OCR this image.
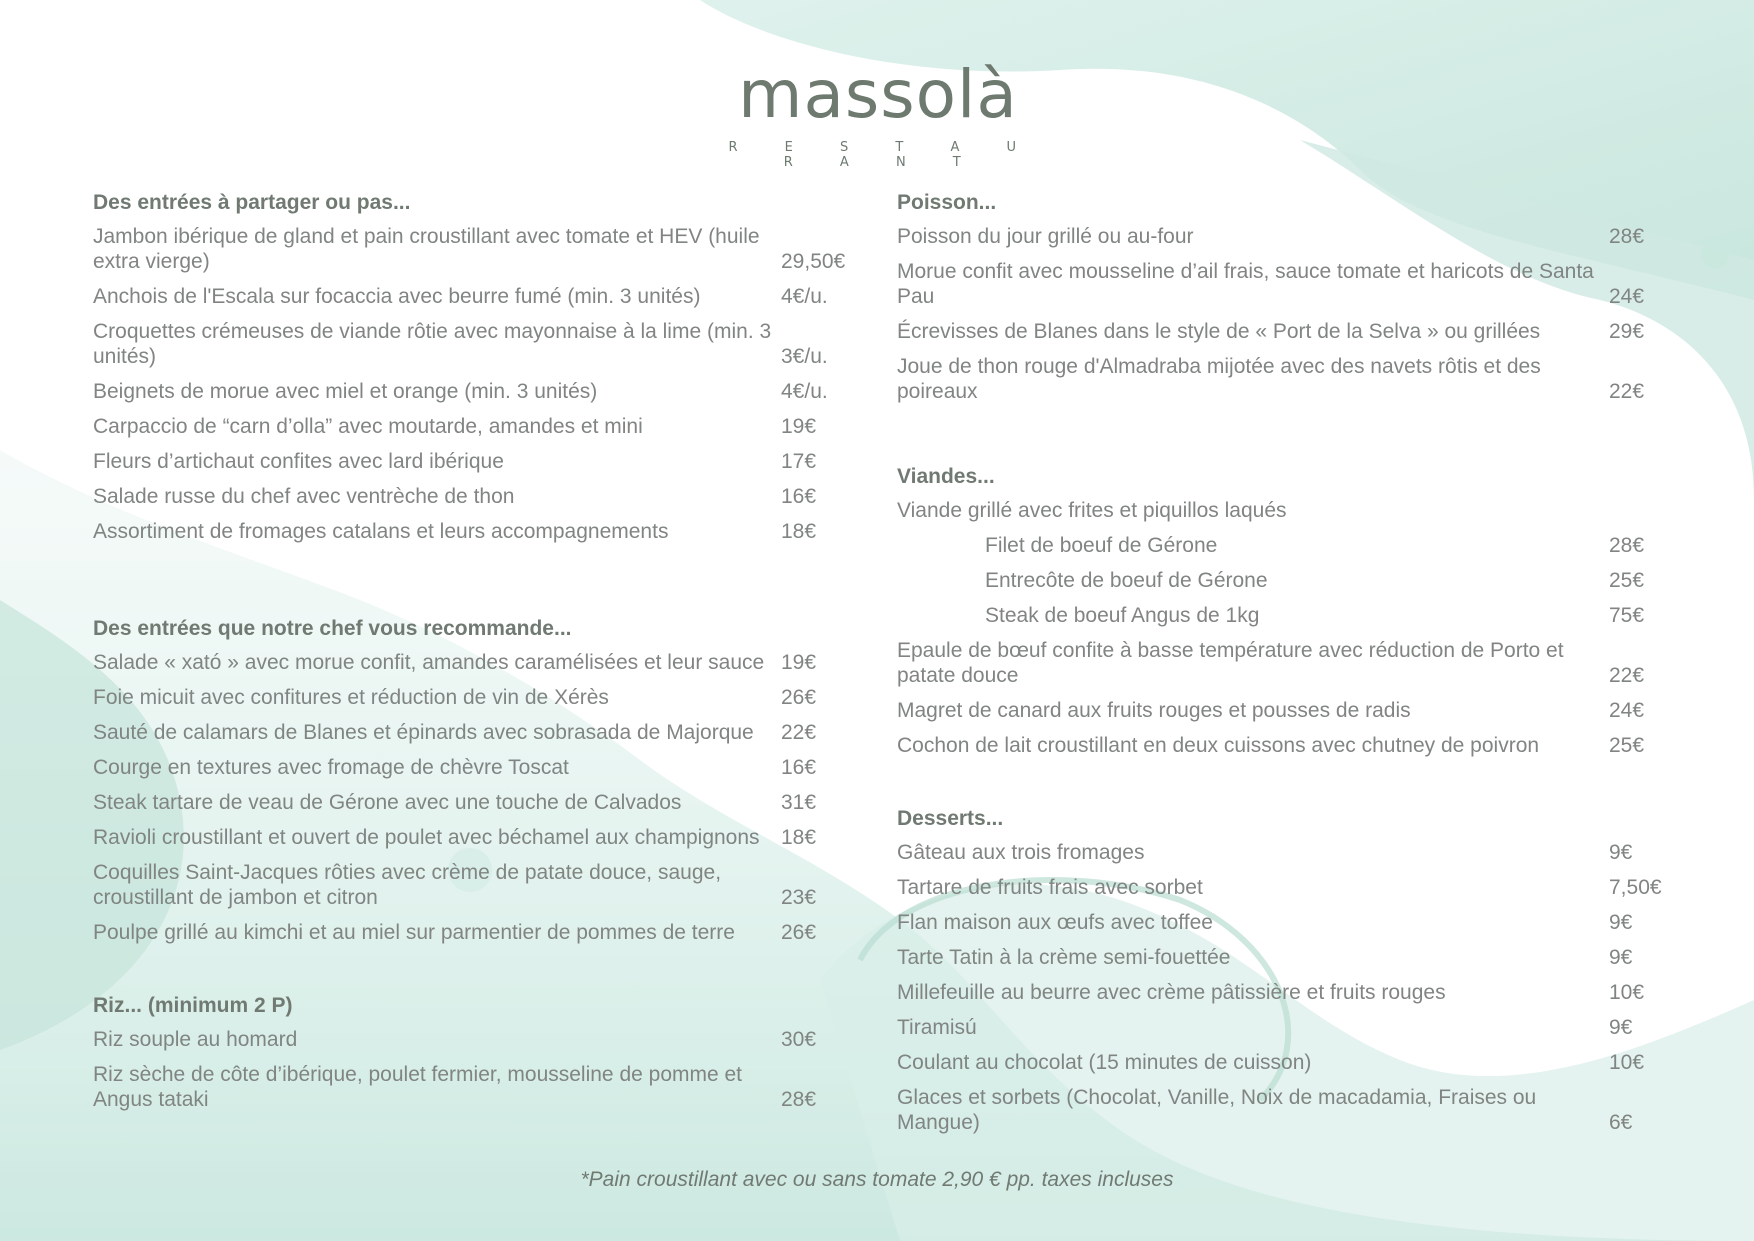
massolà
R E S T A U R A N T
Des entrées à partager ou pas...
Jambon ibérique de gland et pain croustillant avec tomate et HEV (huile extra vierge)	29,50€
Anchois de l'Escala sur focaccia avec beurre fumé (min. 3 unités)	4€/u.
Croquettes crémeuses de viande rôtie avec mayonnaise à la lime (min. 3 unités)	3€/u.
Beignets de morue avec miel et orange (min. 3 unités)	4€/u.
Carpaccio de “carn d’olla” avec moutarde, amandes et mini	19€
Fleurs d’artichaut confites avec lard ibérique	17€
Salade russe du chef avec ventrèche de thon	16€
Assortiment de fromages catalans et leurs accompagnements	18€
Des entrées que notre chef vous recommande...
Salade « xató » avec morue confit, amandes caramélisées et leur sauce 19€
Foie micuit avec confitures et réduction de vin de Xérès	26€
Sauté de calamars de Blanes et épinards avec sobrasada de Majorque	22€
Courge en textures avec fromage de chèvre Toscat	16€
Steak tartare de veau de Gérone avec une touche de Calvados	31€
Ravioli croustillant et ouvert de poulet avec béchamel aux champignons	18€
Coquilles Saint-Jacques rôties avec crème de patate douce, sauge, croustillant de jambon et citron	23€
Poulpe grillé au kimchi et au miel sur parmentier de pommes de terre	26€
Riz... (minimum 2 P)
Riz souple au homard	30€
Riz sèche de côte d’ibérique, poulet fermier, mousseline de pomme et Angus tataki	28€
Poisson...
Poisson du jour grillé ou au-four	28€
Morue confit avec mousseline d’ail frais, sauce tomate et haricots de Santa Pau	24€
Écrevisses de Blanes dans le style de « Port de la Selva » ou grillées	29€
Joue de thon rouge d'Almadraba mijotée avec des navets rôtis et des poireaux	22€
Viandes...
Viande grillé avec frites et piquillos laqués
Filet de boeuf de Gérone	28€
Entrecôte de boeuf de Gérone	25€
Steak de boeuf Angus de 1kg	75€
Epaule de bœuf confite à basse température avec réduction de Porto et patate douce	22€
Magret de canard aux fruits rouges et pousses de radis	24€
Cochon de lait croustillant en deux cuissons avec chutney de poivron	25€
Desserts...
Gâteau aux trois fromages	9€
Tartare de fruits frais avec sorbet	7,50€
Flan maison aux œufs avec toffee	9€
Tarte Tatin à la crème semi-fouettée	9€
Millefeuille au beurre avec crème pâtissière et fruits rouges	10€
Tiramisú	9€
Coulant au chocolat (15 minutes de cuisson)	10€
Glaces et sorbets (Chocolat, Vanille, Noix de macadamia, Fraises ou Mangue)	6€
*Pain croustillant avec ou sans tomate 2,90 € pp. taxes incluses
